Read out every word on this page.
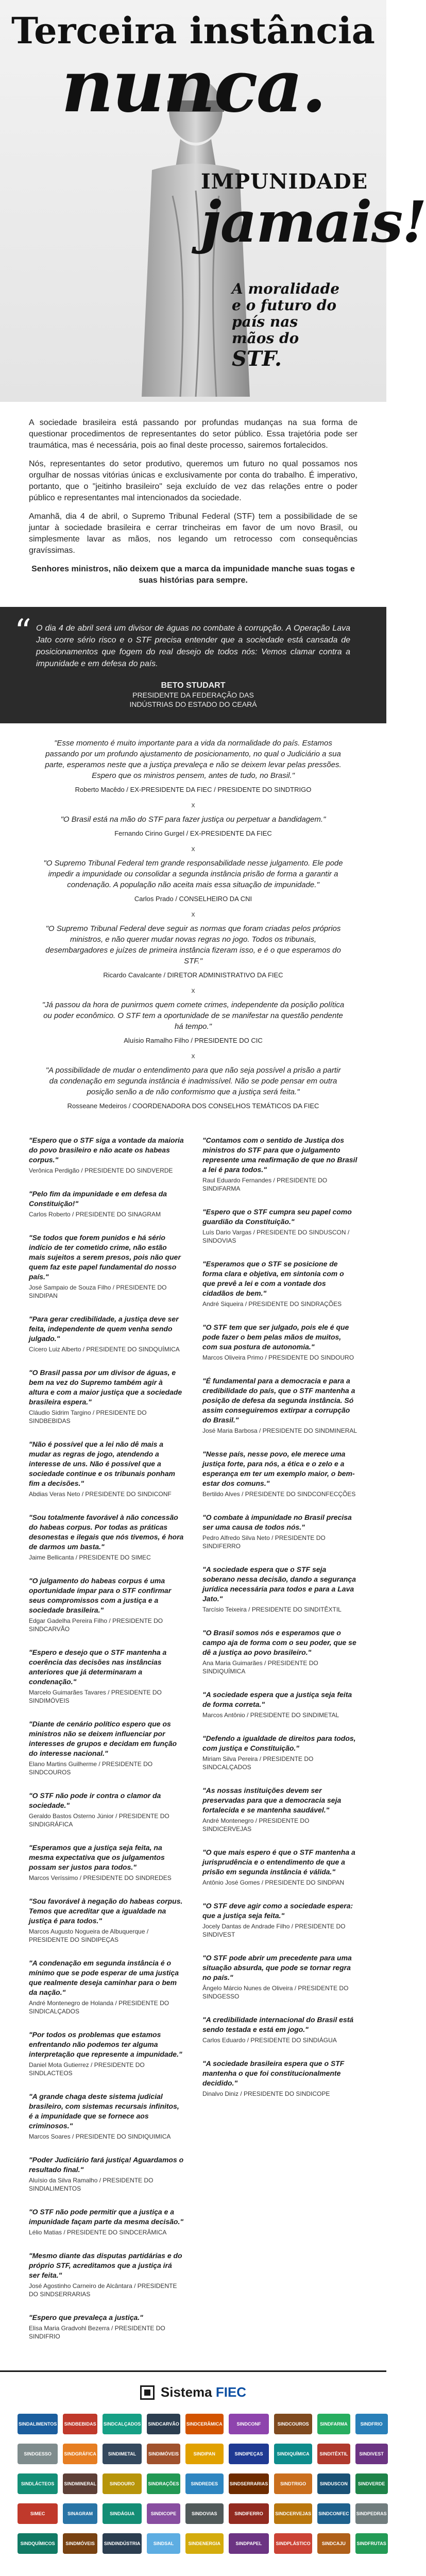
Terceira instância
nunca.
IMPUNIDADE
jamais!
A moralidade
e o futuro do
país nas
mãos do
STF.

A sociedade brasileira está passando por profundas mudanças na sua forma de questionar procedimentos de representantes do setor público. Essa trajetória pode ser traumática, mas é necessária, pois ao final deste processo, sairemos fortalecidos.

Nós, representantes do setor produtivo, queremos um futuro no qual possamos nos orgulhar de nossas vitórias únicas e exclusivamente por conta do trabalho. É imperativo, portanto, que o "jeitinho brasileiro" seja excluído de vez das relações entre o poder público e representantes mal intencionados da sociedade.

Amanhã, dia 4 de abril, o Supremo Tribunal Federal (STF) tem a possibilidade de se juntar à sociedade brasileira e cerrar trincheiras em favor de um novo Brasil, ou simplesmente lavar as mãos, nos legando um retrocesso com consequências gravíssimas.

Senhores ministros, não deixem que a marca da impunidade manche suas togas e suas histórias para sempre.

“ O dia 4 de abril será um divisor de águas no combate à corrupção. A Operação Lava Jato corre sério risco e o STF precisa entender que a sociedade está cansada de posicionamentos que fogem do real desejo de todos nós: Vemos clamar contra a impunidade e em defesa do país.

BETO STUDART

PRESIDENTE DA FEDERAÇÃO DAS

INDÚSTRIAS DO ESTADO DO CEARÁ

"Esse momento é muito importante para a vida da normalidade do país. Estamos passando por um profundo ajustamento de posicionamento, no qual o Judiciário a sua parte, esperamos neste que a justiça prevaleça e não se deixem levar pelas pressões. Espero que os ministros pensem, antes de tudo, no Brasil."

Roberto Macêdo / EX-PRESIDENTE DA FIEC / PRESIDENTE DO SINDTRIGO

x

"O Brasil está na mão do STF para fazer justiça ou perpetuar a bandidagem."

Fernando Cirino Gurgel / EX-PRESIDENTE DA FIEC

x

"O Supremo Tribunal Federal tem grande responsabilidade nesse julgamento. Ele pode impedir a impunidade ou consolidar a segunda instância prisão de forma a garantir a condenação. A população não aceita mais essa situação de impunidade."

Carlos Prado / CONSELHEIRO DA CNI

x

"O Supremo Tribunal Federal deve seguir as normas que foram criadas pelos próprios ministros, e não querer mudar novas regras no jogo. Todos os tribunais, desembargadores e juízes de primeira instância fizeram isso, e é o que esperamos do STF."

Ricardo Cavalcante / DIRETOR ADMINISTRATIVO DA FIEC

x

"Já passou da hora de punirmos quem comete crimes, independente da posição política ou poder econômico. O STF tem a oportunidade de se manifestar na questão pendente há tempo."

Aluísio Ramalho Filho / PRESIDENTE DO CIC

x

"A possibilidade de mudar o entendimento para que não seja possível a prisão a partir da condenação em segunda instância é inadmissível. Não se pode pensar em outra posição senão a de não conformismo que a justiça será feita."

Rosseane Medeiros / COORDENADORA DOS CONSELHOS TEMÁTICOS DA FIEC

"Espero que o STF siga a vontade da maioria do povo brasileiro e não acate os habeas corpus."

Verônica Perdigão / PRESIDENTE DO SINDVERDE

"Pelo fim da impunidade e em defesa da Constituição!"

Carlos Roberto / PRESIDENTE DO SINAGRAM

"Se todos que forem punidos e há sério indício de ter cometido crime, não estão mais sujeitos a serem presos, pois não quer quem faz este papel fundamental do nosso país."

José Sampaio de Souza Filho / PRESIDENTE DO SINDIPAN

"Para gerar credibilidade, a justiça deve ser feita, independente de quem venha sendo julgado."

Cícero Luiz Alberto / PRESIDENTE DO SINDQUÍMICA

"O Brasil passa por um divisor de águas, e bem na vez do Supremo também agir à altura e com a maior justiça que a sociedade brasileira espera."

Cláudio Sidrim Targino / PRESIDENTE DO SINDBEBIDAS

"Não é possível que a lei não dê mais a mudar as regras de jogo, atendendo a interesse de uns. Não é possível que a sociedade continue e os tribunais ponham fim a decisões."

Abdias Veras Neto / PRESIDENTE DO SINDICONF

"Sou totalmente favorável à não concessão do habeas corpus. Por todas as práticas desonestas e ilegais que nós tivemos, é hora de darmos um basta."

Jaime Bellicanta / PRESIDENTE DO SIMEC

"O julgamento do habeas corpus é uma oportunidade ímpar para o STF confirmar seus compromissos com a justiça e a sociedade brasileira."

Edgar Gadelha Pereira Filho / PRESIDENTE DO SINDCARVÃO

"Espero e desejo que o STF mantenha a coerência das decisões nas instâncias anteriores que já determinaram a condenação."

Marcelo Guimarães Tavares / PRESIDENTE DO SINDIMÓVEIS

"Diante de cenário político espero que os ministros não se deixem influenciar por interesses de grupos e decidam em função do interesse nacional."

Elano Martins Guilherme / PRESIDENTE DO SINDCOUROS

"O STF não pode ir contra o clamor da sociedade."

Geraldo Bastos Osterno Júnior / PRESIDENTE DO SINDIGRÁFICA

"Esperamos que a justiça seja feita, na mesma expectativa que os julgamentos possam ser justos para todos."

Marcos Veríssimo / PRESIDENTE DO SINDREDES

"Sou favorável à negação do habeas corpus. Temos que acreditar que a igualdade na justiça é para todos."

Marcos Augusto Nogueira de Albuquerque / PRESIDENTE DO SINDIPEÇAS

"A condenação em segunda instância é o mínimo que se pode esperar de uma justiça que realmente deseja caminhar para o bem da nação."

André Montenegro de Holanda / PRESIDENTE DO SINDICALÇADOS

"Por todos os problemas que estamos enfrentando não podemos ter alguma interpretação que represente a impunidade."

Daniel Mota Gutierrez / PRESIDENTE DO SINDLACTEOS

"A grande chaga deste sistema judicial brasileiro, com sistemas recursais infinitos, é a impunidade que se fornece aos criminosos."

Marcos Soares / PRESIDENTE DO SINDIQUIMICA

"Poder Judiciário fará justiça! Aguardamos o resultado final."

Aluísio da Silva Ramalho / PRESIDENTE DO SINDIALIMENTOS

"O STF não pode permitir que a justiça e a impunidade façam parte da mesma decisão."

Lélio Matias / PRESIDENTE DO SINDCERÂMICA

"Mesmo diante das disputas partidárias e do próprio STF, acreditamos que a justiça irá ser feita."

José Agostinho Carneiro de Alcântara / PRESIDENTE DO SINDSERRARIAS

"Espero que prevaleça a justiça."

Elisa Maria Gradvohl Bezerra / PRESIDENTE DO SINDIFRIO

"Contamos com o sentido de Justiça dos ministros do STF para que o julgamento represente uma reafirmação de que no Brasil a lei é para todos."

Raul Eduardo Fernandes / PRESIDENTE DO SINDIFARMA

"Espero que o STF cumpra seu papel como guardião da Constituição."

Luís Dario Vargas / PRESIDENTE DO SINDUSCON / SINDOVIAS

"Esperamos que o STF se posicione de forma clara e objetiva, em sintonia com o que prevê a lei e com a vontade dos cidadãos de bem."

André Siqueira / PRESIDENTE DO SINDRAÇÕES

"O STF tem que ser julgado, pois ele é que pode fazer o bem pelas mãos de muitos, com sua postura de autonomia."

Marcos Oliveira Primo / PRESIDENTE DO SINDOURO

"É fundamental para a democracia e para a credibilidade do país, que o STF mantenha a posição de defesa da segunda instância. Só assim conseguiremos extirpar a corrupção do Brasil."

José Maria Barbosa / PRESIDENTE DO SINDMINERAL

"Nesse país, nesse povo, ele merece uma justiça forte, para nós, a ética e o zelo e a esperança em ter um exemplo maior, o bem-estar dos comuns."

Bertildo Alves / PRESIDENTE DO SINDCONFECÇÕES

"O combate à impunidade no Brasil precisa ser uma causa de todos nós."

Pedro Alfredo Silva Neto / PRESIDENTE DO SINDIFERRO

"A sociedade espera que o STF seja soberano nessa decisão, dando a segurança jurídica necessária para todos e para a Lava Jato."

Tarcísio Teixeira / PRESIDENTE DO SINDITÊXTIL

"O Brasil somos nós e esperamos que o campo aja de forma com o seu poder, que se dê a justiça ao povo brasileiro."

Ana Maria Guimarães / PRESIDENTE DO SINDIQUÍMICA

"A sociedade espera que a justiça seja feita de forma correta."

Marcos Antônio / PRESIDENTE DO SINDIMETAL

"Defendo a igualdade de direitos para todos, com justiça e Constituição."

Miriam Silva Pereira / PRESIDENTE DO SINDCALÇADOS

"As nossas instituições devem ser preservadas para que a democracia seja fortalecida e se mantenha saudável."

André Montenegro / PRESIDENTE DO SINDICERVEJAS

"O que mais espero é que o STF mantenha a jurisprudência e o entendimento de que a prisão em segunda instância é válida."

Antônio José Gomes / PRESIDENTE DO SINDPAN

"O STF deve agir como a sociedade espera: que a justiça seja feita."

Jocely Dantas de Andrade Filho / PRESIDENTE DO SINDIVEST

"O STF pode abrir um precedente para uma situação absurda, que pode se tornar regra no país."

Ângelo Márcio Nunes de Oliveira / PRESIDENTE DO SINDGESSO

"A credibilidade internacional do Brasil está sendo testada e está em jogo."

Carlos Eduardo / PRESIDENTE DO SINDIÁGUA

"A sociedade brasileira espera que o STF mantenha o que foi constitucionalmente decidido."

Dinalvo Diniz / PRESIDENTE DO SINDICOPE

Sistema FIEC
SINDALIMENTOS SINDBEBIDAS SINDCALÇADOS SINDCARVÃO SINDCERÂMICA	SINDCONF	SINDCOUROS	SINDFARMA	SINDFRIO
SINDGESSO	SINDGRÁFICA	SINDIMETAL	SINDIMÓVEIS	SINDIPAN	SINDIPEÇAS	SINDIQUÍMICA	SINDITÊXTIL	SINDIVEST
SINDLÁCTEOS	SINDMINERAL	SINDOURO	SINDRAÇÕES	SINDREDES	SINDSERRARIAS	SINDTRIGO	SINDUSCON	SINDVERDE
SIMEC	SINAGRAM	SINDÁGUA	SINDICOPE	SINDOVIAS	SINDIFERRO	SINDCERVEJAS SINDCONFEC SINDPEDRAS
SINDQUÍMICOS	SINDMÓVEIS	SINDINDÚSTRIA	SINDSAL	SINDENERGIA	SINDPAPEL	SINDPLÁSTICO	SINDCAJU	SINDFRUTAS
